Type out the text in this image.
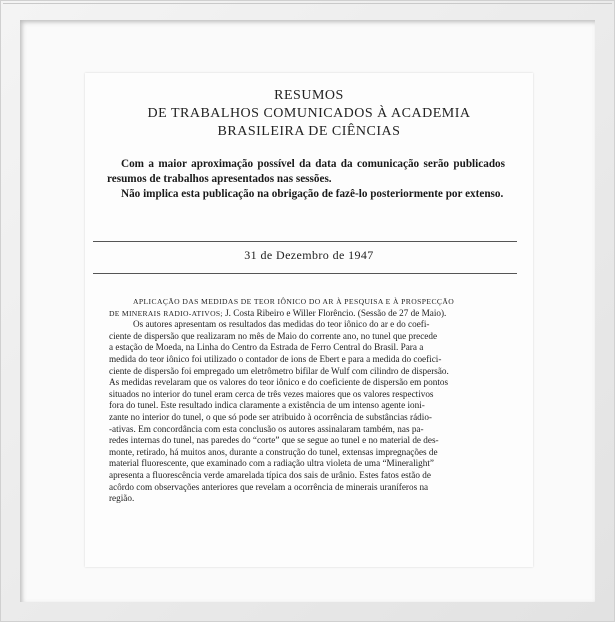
RESUMOS
DE TRABALHOS COMUNICADOS À ACADEMIA
BRASILEIRA DE CIÊNCIAS

Com a maior aproximação possível da data da comunicação serão publicados resumos de trabalhos apresentados nas sessões.

Não implica esta publicação na obrigação de fazê-lo posteriormente por extenso.

31 de Dezembro de 1947
APLICAÇÃO DAS MEDIDAS DE TEOR IÔNICO DO AR À PESQUISA E À PROSPECÇÃO
DE MINERAIS RADIO-ATIVOS; J. Costa Ribeiro e Willer Florêncio. (Sessão de 27 de Maio).
Os autores apresentam os resultados das medidas do teor iônico do ar e do coefi-
ciente de dispersão que realizaram no mês de Maio do corrente ano, no tunel que precede
a estação de Moeda, na Linha do Centro da Estrada de Ferro Central do Brasil. Para a
medida do teor iônico foi utilizado o contador de ions de Ebert e para a medida do coefici-
ciente de dispersão foi empregado um eletrômetro bifilar de Wulf com cilindro de dispersão.
As medidas revelaram que os valores do teor iônico e do coeficiente de dispersão em pontos
situados no interior do tunel eram cerca de três vezes maiores que os valores respectivos
fora do tunel. Este resultado indica claramente a existência de um intenso agente ioni-
zante no interior do tunel, o que só pode ser atribuido à ocorrência de substâncias rádio-
-ativas. Em concordância com esta conclusão os autores assinalaram também, nas pa-
redes internas do tunel, nas paredes do “corte” que se segue ao tunel e no material de des-
monte, retirado, há muitos anos, durante a construção do tunel, extensas impregnações de
material fluorescente, que examinado com a radiação ultra violeta de uma “Mineralight”
apresenta a fluorescência verde amarelada típica dos sais de urânio. Estes fatos estão de
acôrdo com observações anteriores que revelam a ocorrência de minerais uraníferos na
região.
